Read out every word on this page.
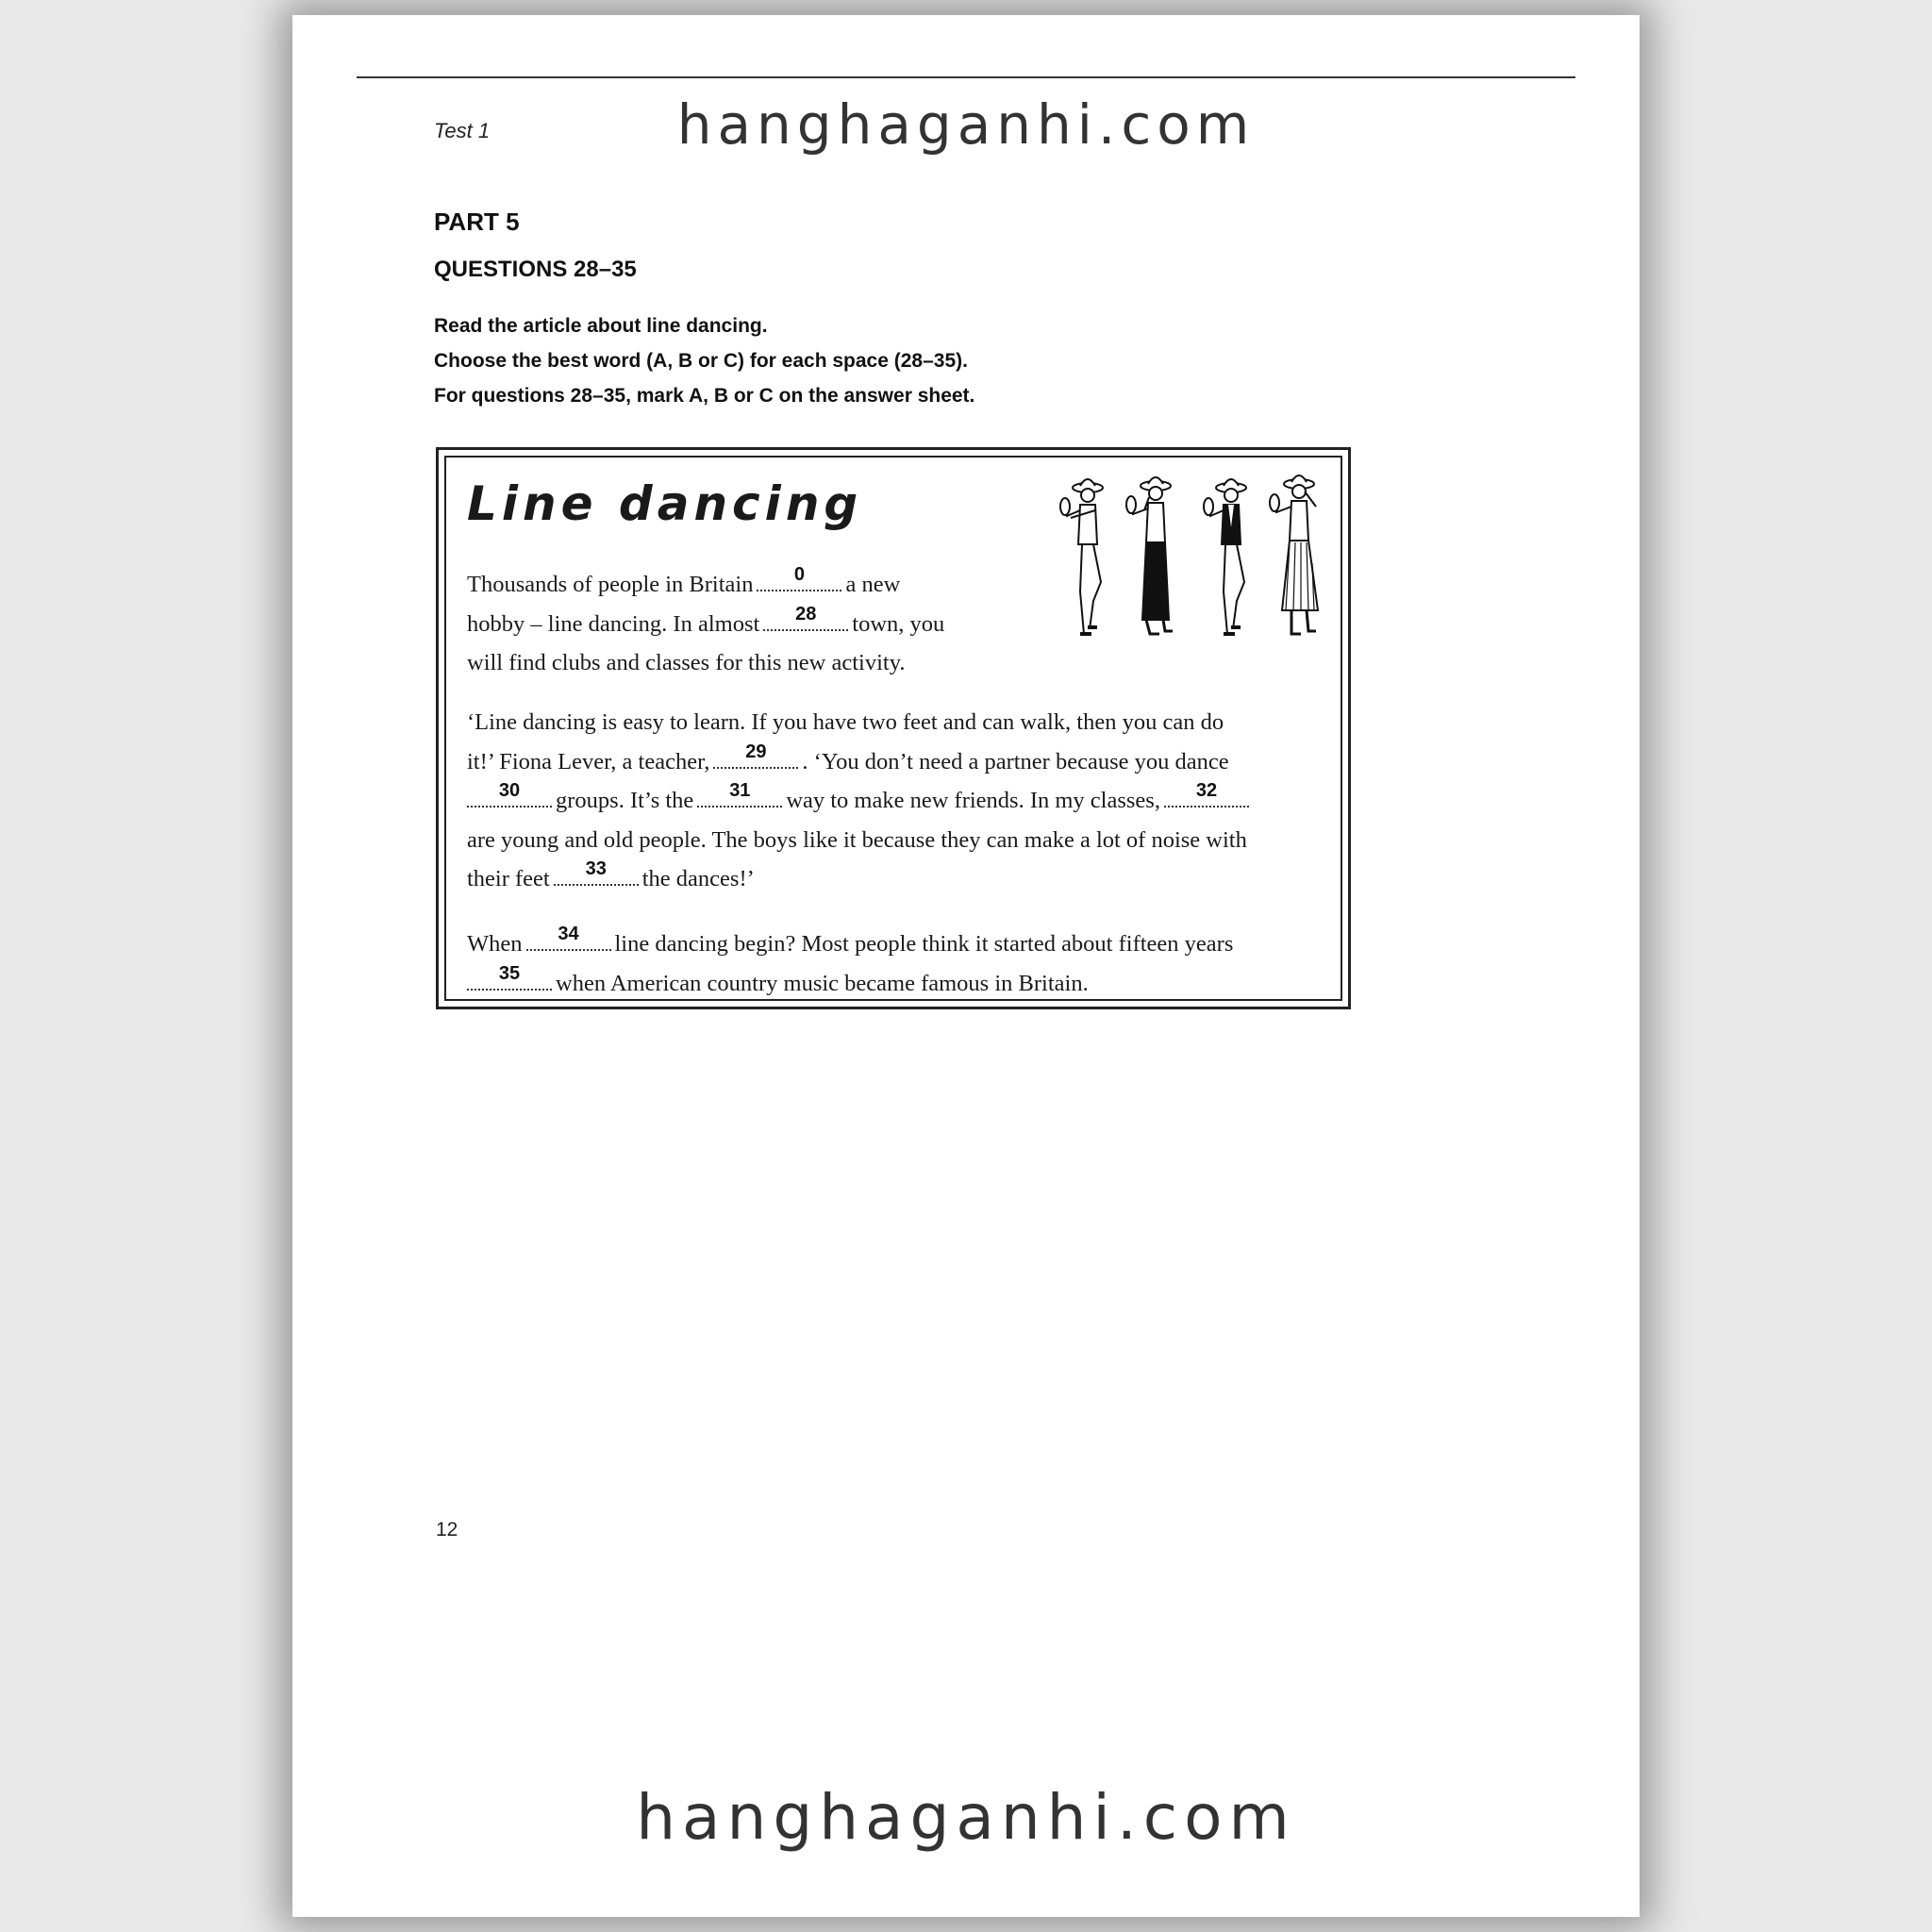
Test 1	hanghaganhi.com
PART 5
QUESTIONS 28–35
Read the article about line dancing.
Choose the best word (A, B or C) for each space (28–35).
For questions 28–35, mark A, B or C on the answer sheet.
Line dancing
Thousands of people in Britain	0	a new
hobby – line dancing. In almost	28	town, you
will find clubs and classes for this new activity.
‘Line dancing is easy to learn. If you have two feet and can walk, then you can do
it!’ Fiona Lever, a teacher,	29	. ‘You don’t need a partner because you dance
30	groups. It’s the	31	way to make new friends. In my classes,	32
are young and old people. The boys like it because they can make a lot of noise with
their feet	33	the dances!’
When	34	line dancing begin? Most people think it started about fifteen years
35	when American country music became famous in Britain.
12
hanghaganhi.com
